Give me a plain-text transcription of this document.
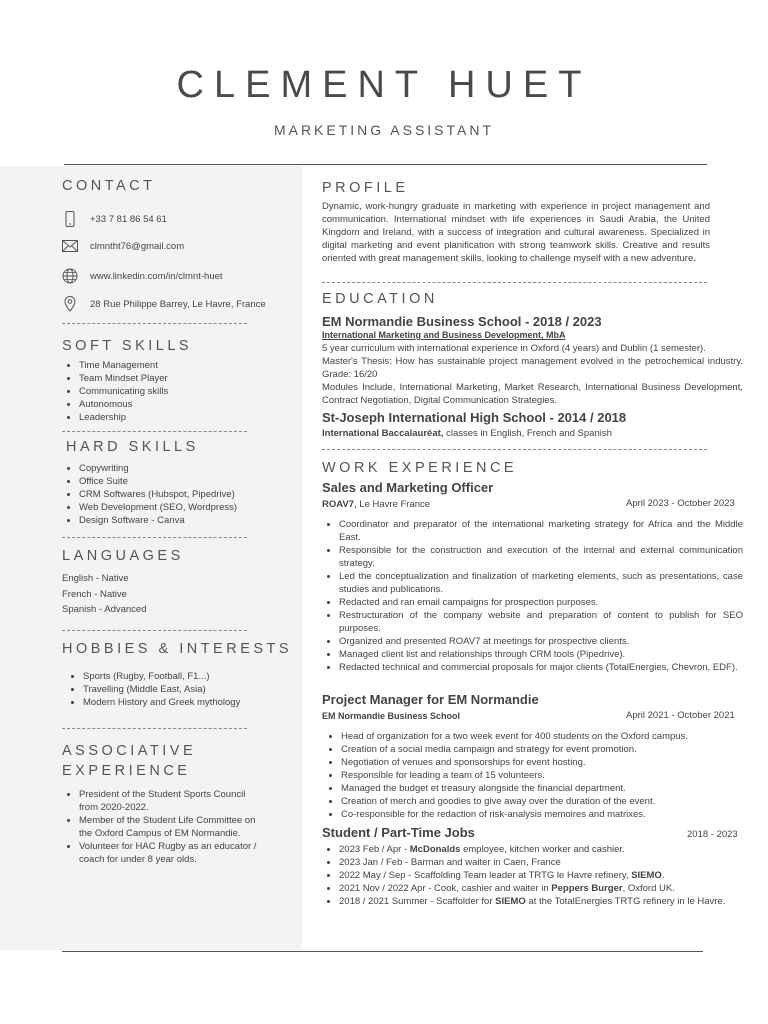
CLEMENT HUET
MARKETING ASSISTANT
CONTACT
+33 7 81 86 54 61
clmntht76@gmail.com
www.linkedin.com/in/clmnt-huet
28 Rue Philippe Barrey, Le Havre, France
SOFT SKILLS
• Time Management
• Team Mindset Player
• Communicating skills
• Autonomous
• Leadership
HARD SKILLS
• Copywriting
• Office Suite
• CRM Softwares (Hubspot, Pipedrive)
• Web Development (SEO, Wordpress)
• Design Software - Canva
LANGUAGES
English - Native
French - Native
Spanish - Advanced
HOBBIES & INTERESTS
• Sports (Rugby, Football, F1...)
• Travelling (Middle East, Asia)
• Modern History and Greek mythology
ASSOCIATIVE
EXPERIENCE
• President of the Student Sports Council from 2020-2022.
• Member of the Student Life Committee on the Oxford Campus of EM Normandie.
• Volunteer for HAC Rugby as an educator / coach for under 8 year olds.
PROFILE

Dynamic, work-hungry graduate in marketing with experience in project management and communication. International mindset with life experiences in Saudi Arabia, the United Kingdom and Ireland, with a success of integration and cultural awareness. Specialized in digital marketing and event planification with strong teamwork skills. Creative and results oriented with great management skills, looking to challenge myself with a new adventure.

EDUCATION
EM Normandie Business School - 2018 / 2023
International Marketing and Business Development, MbA

5 year curriculum with international experience in Oxford (4 years) and Dublin (1 semester).

Master's Thesis: How has sustainable project management evolved in the petrochemical industry. Grade: 16/20

Modules Include, International Marketing, Market Research, International Business Development, Contract Negotiation, Digital Communication Strategies.

St-Joseph International High School - 2014 / 2018
International Baccalauréat, classes in English, French and Spanish
WORK EXPERIENCE
Sales and Marketing Officer
ROAV7, Le Havre France	April 2023 - October 2023
• Coordinator and preparator of the international marketing strategy for Africa and the Middle East.
• Responsible for the construction and execution of the internal and external communication strategy.
• Led the conceptualization and finalization of marketing elements, such as presentations, case studies and publications.
• Redacted and ran email campaigns for prospection purposes.
• Restructuration of the company website and preparation of content to publish for SEO purposes.
• Organized and presented ROAV7 at meetings for prospective clients.
• Managed client list and relationships through CRM tools (Pipedrive).
• Redacted technical and commercial proposals for major clients (TotalEnergies, Chevron, EDF).
Project Manager for EM Normandie
EM Normandie Business School	April 2021 - October 2021
• Head of organization for a two week event for 400 students on the Oxford campus.
• Creation of a social media campaign and strategy for event promotion.
• Negotiation of venues and sponsorships for event hosting.
• Responsible for leading a team of 15 volunteers.
• Managed the budget et treasury alongside the financial department.
• Creation of merch and goodies to give away over the duration of the event.
• Co-responsible for the redaction of risk-analysis memoires and matrixes.
Student / Part-Time Jobs	2018 - 2023
• 2023 Feb / Apr - McDonalds employee, kitchen worker and cashier.
• 2023 Jan / Feb - Barman and waiter in Caen, France
• 2022 May / Sep - Scaffolding Team leader at TRTG le Havre refinery, SIEMO.
• 2021 Nov / 2022 Apr - Cook, cashier and waiter in Peppers Burger, Oxford UK.
• 2018 / 2021 Summer - Scaffolder for SIEMO at the TotalEnergies TRTG refinery in le Havre.
